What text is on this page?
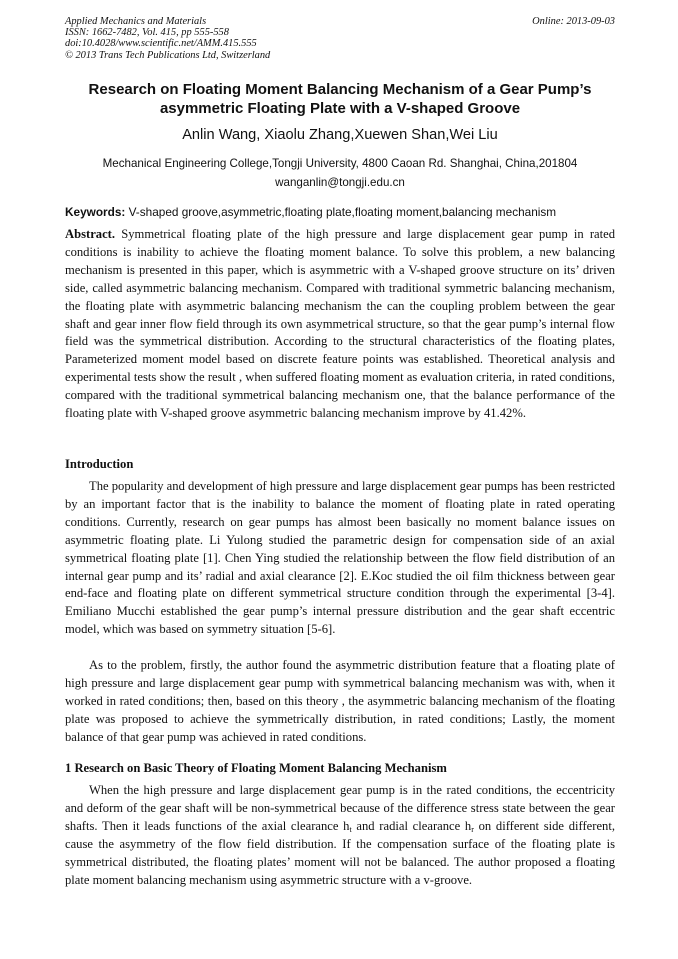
Applied Mechanics and Materials
ISSN: 1662-7482, Vol. 415, pp 555-558
doi:10.4028/www.scientific.net/AMM.415.555
© 2013 Trans Tech Publications Ltd, Switzerland
Online: 2013-09-03
Research on Floating Moment Balancing Mechanism of a Gear Pump’s
asymmetric Floating Plate with a V-shaped Groove
Anlin Wang, Xiaolu Zhang,Xuewen Shan,Wei Liu
Mechanical Engineering College,Tongji University, 4800 Caoan Rd. Shanghai, China,201804
wanganlin@tongji.edu.cn
Keywords: V-shaped groove,asymmetric,floating plate,floating moment,balancing mechanism
Abstract. Symmetrical floating plate of the high pressure and large displacement gear pump in rated conditions is inability to achieve the floating moment balance. To solve this problem, a new balancing mechanism is presented in this paper, which is asymmetric with a V-shaped groove structure on its’ driven side, called asymmetric balancing mechanism. Compared with traditional symmetric balancing mechanism, the floating plate with asymmetric balancing mechanism the can the coupling problem between the gear shaft and gear inner flow field through its own asymmetrical structure, so that the gear pump’s internal flow field was the symmetrical distribution. According to the structural characteristics of the floating plates, Parameterized moment model based on discrete feature points was established. Theoretical analysis and experimental tests show the result , when suffered floating moment as evaluation criteria, in rated conditions, compared with the traditional symmetrical balancing mechanism one, that the balance performance of the floating plate with V-shaped groove asymmetric balancing mechanism improve by 41.42%.
Introduction
The popularity and development of high pressure and large displacement gear pumps has been restricted by an important factor that is the inability to balance the moment of floating plate in rated operating conditions. Currently, research on gear pumps has almost been basically no moment balance issues on asymmetric floating plate. Li Yulong studied the parametric design for compensation side of an axial symmetrical floating plate [1]. Chen Ying studied the relationship between the flow field distribution of an internal gear pump and its’ radial and axial clearance [2]. E.Koc studied the oil film thickness between gear end-face and floating plate on different symmetrical structure condition through the experimental [3-4]. Emiliano Mucchi established the gear pump’s internal pressure distribution and the gear shaft eccentric model, which was based on symmetry situation [5-6].
As to the problem, firstly, the author found the asymmetric distribution feature that a floating plate of high pressure and large displacement gear pump with symmetrical balancing mechanism was with, when it worked in rated conditions; then, based on this theory , the asymmetric balancing mechanism of the floating plate was proposed to achieve the symmetrically distribution, in rated conditions; Lastly, the moment balance of that gear pump was achieved in rated conditions.
1 Research on Basic Theory of Floating Moment Balancing Mechanism
When the high pressure and large displacement gear pump is in the rated conditions, the eccentricity and deform of the gear shaft will be non-symmetrical because of the difference stress state between the gear shafts. Then it leads functions of the axial clearance $h_t$ and radial clearance $h_r$ on different side different, cause the asymmetry of the flow field distribution. If the compensation surface of the floating plate is symmetrical distributed, the floating plates’ moment will not be balanced. The author proposed a floating plate moment balancing mechanism using asymmetric structure with a v-groove.
